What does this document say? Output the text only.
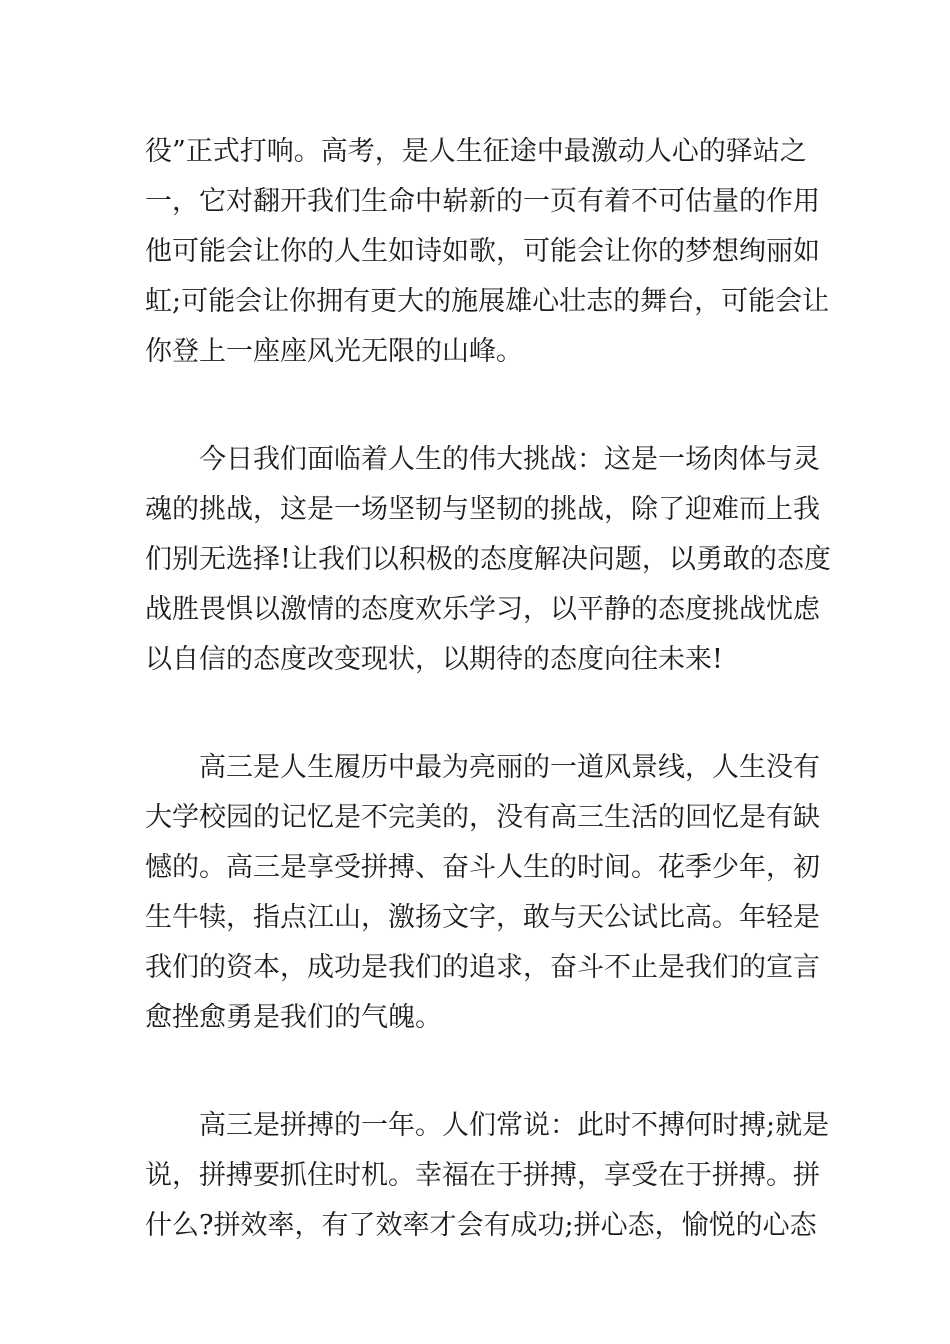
役”正式打响。高考，是人生征途中最激动人心的驿站之
一，它对翻开我们生命中崭新的一页有着不可估量的作用
他可能会让你的人生如诗如歌，可能会让你的梦想绚丽如
虹;可能会让你拥有更大的施展雄心壮志的舞台，可能会让
你登上一座座风光无限的山峰。

今日我们面临着人生的伟大挑战：这是一场肉体与灵
魂的挑战，这是一场坚韧与坚韧的挑战，除了迎难而上我
们别无选择!让我们以积极的态度解决问题，以勇敢的态度
战胜畏惧以激情的态度欢乐学习，以平静的态度挑战忧虑
以自信的态度改变现状，以期待的态度向往未来!

高三是人生履历中最为亮丽的一道风景线，人生没有
大学校园的记忆是不完美的，没有高三生活的回忆是有缺
憾的。高三是享受拼搏、奋斗人生的时间。花季少年，初
生牛犊，指点江山，激扬文字，敢与天公试比高。年轻是
我们的资本，成功是我们的追求，奋斗不止是我们的宣言
愈挫愈勇是我们的气魄。

高三是拼搏的一年。人们常说：此时不搏何时搏;就是
说，拼搏要抓住时机。幸福在于拼搏，享受在于拼搏。拼
什么?拼效率，有了效率才会有成功;拼心态，愉悦的心态
